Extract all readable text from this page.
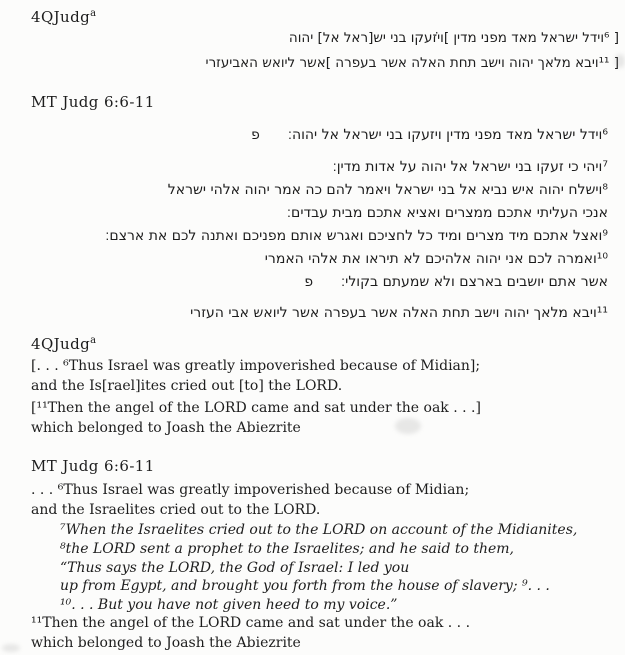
4QJudg$^a$
[ ⁶וידל ישראל מאד מפני מדין ]ו̇יזעקו בני יש[ראל אל] יהוה
[ ¹¹ויבא מלאך יהוה וישב תחת האלה אשר בעפרה ]אשר ליואש האביעזרי
MT Judg 6:6-11
⁶וידל ישראל מאד מפני מדין ויזעקו בני ישראל אל יהוה׃  פ
⁷ויהי כי זעקו בני ישראל אל יהוה על אדות מדין׃
⁸וישלח יהוה איש נביא אל בני ישראל ויאמר להם כה אמר יהוה אלהי ישראל
אנכי העליתי אתכם ממצרים ואציא אתכם מבית עבדים׃
⁹ואצל אתכם מיד מצרים ומיד כל לחציכם ואגרש אותם מפניכם ואתנה לכם את ארצם׃
¹⁰ואמרה לכם אני יהוה אלהיכם לא תיראו את אלהי האמרי
אשר אתם יושבים בארצם ולא שמעתם בקולי׃  פ
¹¹ויבא מלאך יהוה וישב תחת האלה אשר בעפרה אשר ליואש אבי העזרי
4QJudg$^a$
[. . . ⁶Thus Israel was greatly impoverished because of Midian];
and the Is[rael]ites cried out [to] the LORD.
[¹¹Then the angel of the LORD came and sat under the oak . . .]
which belonged to Joash the Abiezrite
MT Judg 6:6-11
. . . ⁶Thus Israel was greatly impoverished because of Midian;
and the Israelites cried out to the LORD.
⁷When the Israelites cried out to the LORD on account of the Midianites,
⁸the LORD sent a prophet to the Israelites; and he said to them,
“Thus says the LORD, the God of Israel: I led you
up from Egypt, and brought you forth from the house of slavery; ⁹. . .
¹⁰. . . But you have not given heed to my voice.”
¹¹Then the angel of the LORD came and sat under the oak . . .
which belonged to Joash the Abiezrite
